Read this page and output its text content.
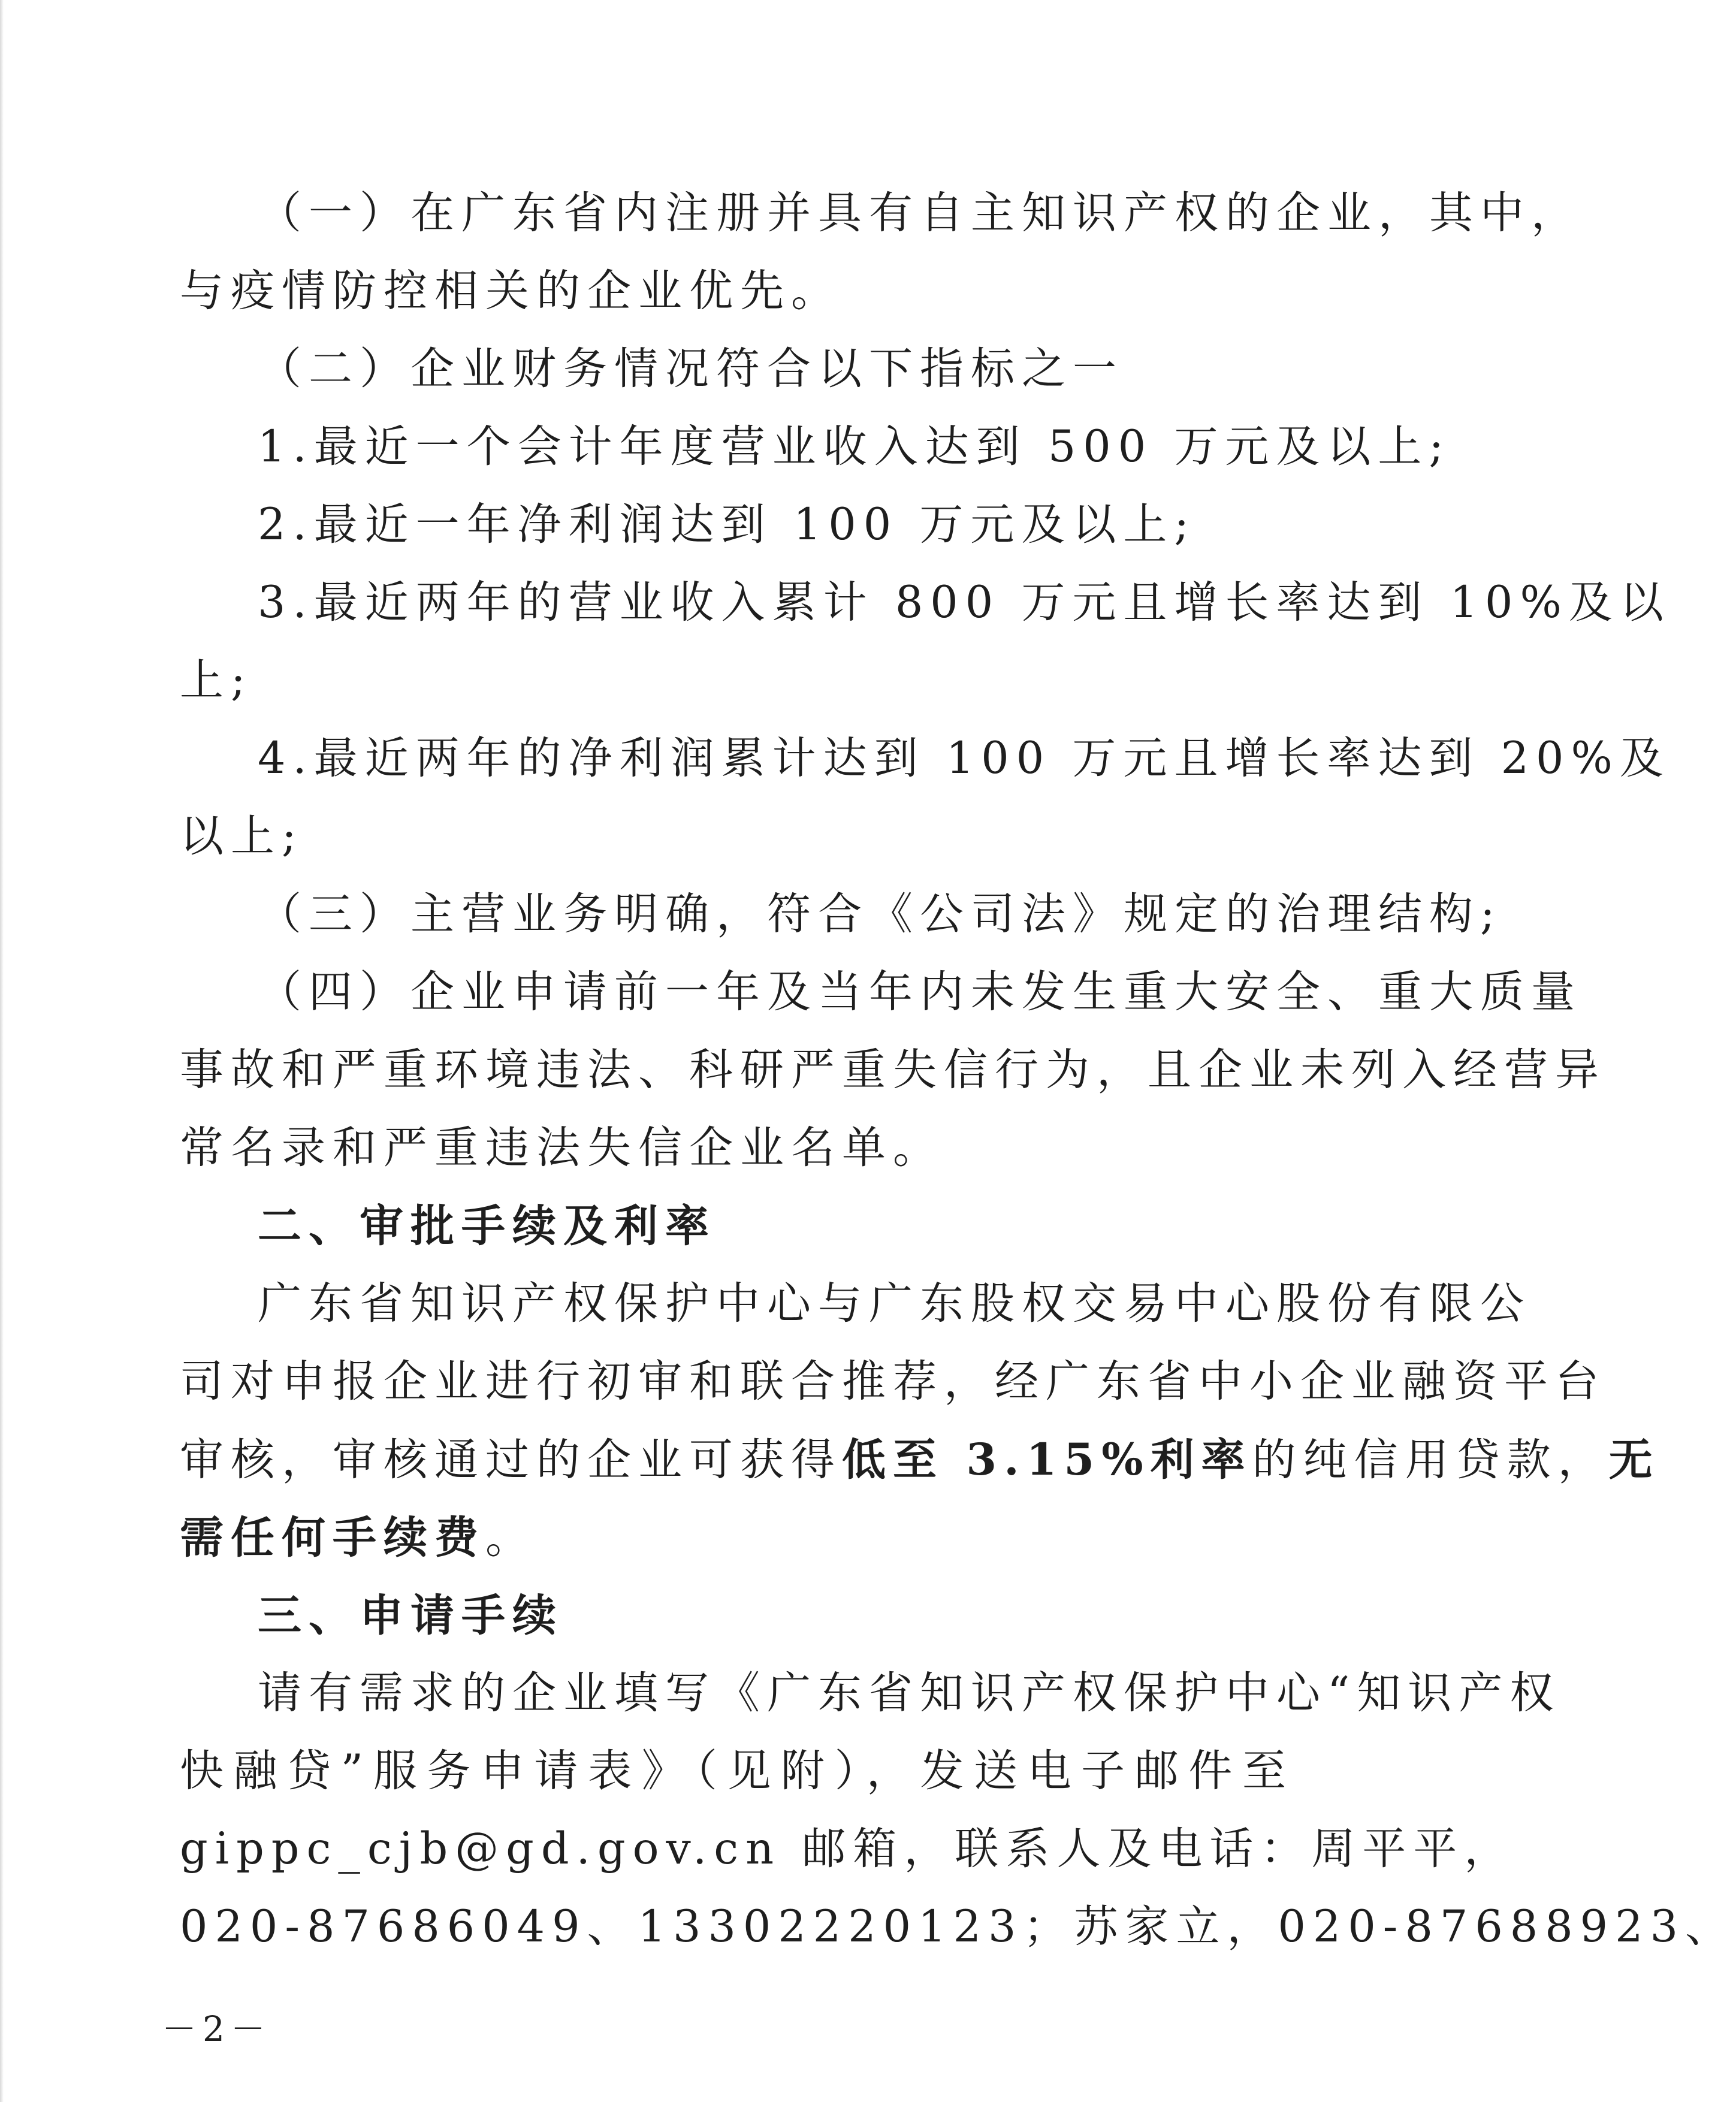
（一）在广东省内注册并具有自主知识产权的企业，其中，

与疫情防控相关的企业优先。

（二）企业财务情况符合以下指标之一

1.最近一个会计年度营业收入达到 500 万元及以上;

2.最近一年净利润达到 100 万元及以上;

3.最近两年的营业收入累计 800 万元且增长率达到 10%及以

上;

4.最近两年的净利润累计达到 100 万元且增长率达到 20%及

以上;

（三）主营业务明确，符合《公司法》规定的治理结构;

（四）企业申请前一年及当年内未发生重大安全、重大质量

事故和严重环境违法、科研严重失信行为，且企业未列入经营异

常名录和严重违法失信企业名单。

二、审批手续及利率

广东省知识产权保护中心与广东股权交易中心股份有限公

司对申报企业进行初审和联合推荐，经广东省中小企业融资平台

审核，审核通过的企业可获得低至 3.15%利率的纯信用贷款，无

需任何手续费。

三、申请手续

请有需求的企业填写《广东省知识产权保护中心“知识产权

快融贷”服务申请表》（见附），发送电子邮件至

gippc_cjb@gd.gov.cn 邮箱，联系人及电话：周平平，

020-87686049、13302220123；苏家立，020-87688923、

－2－
